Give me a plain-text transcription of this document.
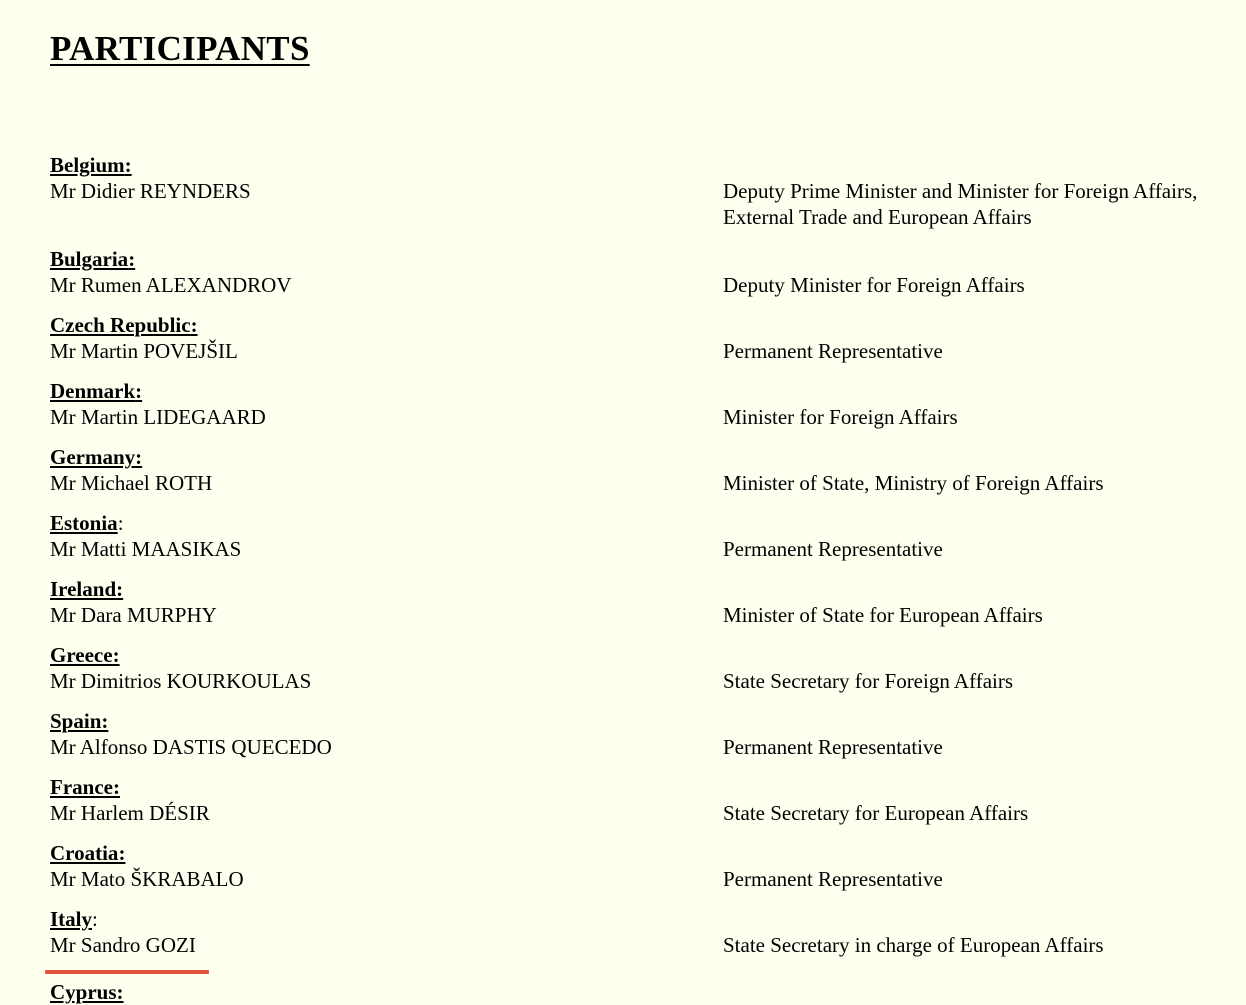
PARTICIPANTS
Belgium:
Mr Didier REYNDERS	Deputy Prime Minister and Minister for Foreign Affairs,
External Trade and European Affairs
Bulgaria:
Mr Rumen ALEXANDROV	Deputy Minister for Foreign Affairs
Czech Republic:
Mr Martin POVEJŠIL	Permanent Representative
Denmark:
Mr Martin LIDEGAARD	Minister for Foreign Affairs
Germany:
Mr Michael ROTH	Minister of State, Ministry of Foreign Affairs
Estonia:
Mr Matti MAASIKAS	Permanent Representative
Ireland:
Mr Dara MURPHY	Minister of State for European Affairs
Greece:
Mr Dimitrios KOURKOULAS	State Secretary for Foreign Affairs
Spain:
Mr Alfonso DASTIS QUECEDO	Permanent Representative
France:
Mr Harlem DÉSIR	State Secretary for European Affairs
Croatia:
Mr Mato ŠKRABALO	Permanent Representative
Italy:
Mr Sandro GOZI	State Secretary in charge of European Affairs
Cyprus:
